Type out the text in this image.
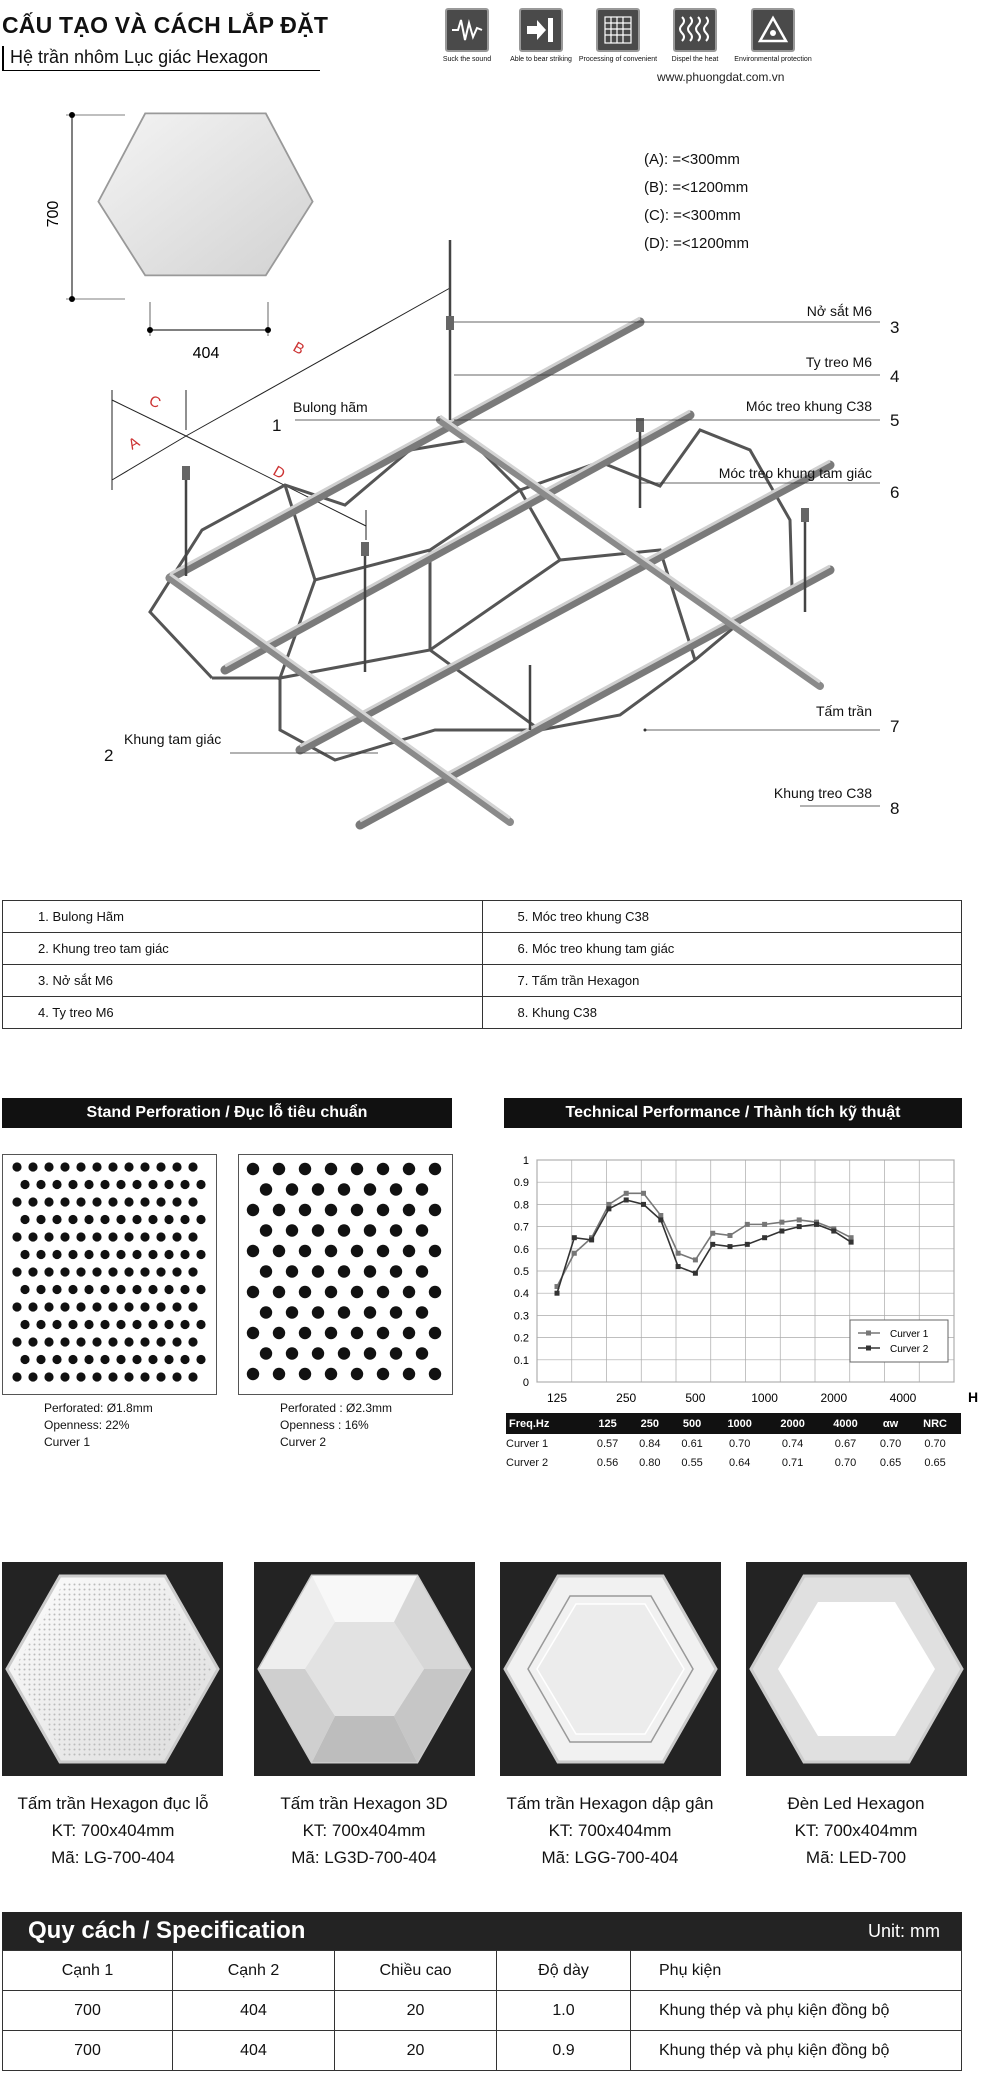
CẤU TẠO VÀ CÁCH LẮP ĐẶT
Hệ trần nhôm Lục giác Hexagon	Suck the sound	Able to bear striking Processing of convenient	Dispel the heat	Environmental protection
www.phuongdat.com.vn
700
404
A
B
C
D
(A): =<300mm
(B): =<1200mm
(C): =<300mm
(D): =<1200mm
Bulong hãm
1
Khung tam giác
2
Nở sắt M6
3
Ty treo M6
4
Móc treo khung C38
5
Móc treo khung tam giác
6
Tấm trần
7
Khung treo C38
8
1. Bulong Hãm	5. Móc treo khung C38
2. Khung treo tam giác	6. Móc treo khung tam giác
3. Nở sắt M6	7. Tấm trần Hexagon
4. Ty treo M6	8. Khung C38
Stand Perforation / Đục lỗ tiêu chuẩn
Perforated: Ø1.8mm
Openness: 22%
Curver 1
Perforated : Ø2.3mm
Openness : 16%
Curver 2
Technical Performance / Thành tích kỹ thuật
1
0.9
0.8
0.7
0.6
0.5
0.4
0.3
0.2
0.1
0
125	250	500	1000	2000	4000	H
Curver 1
Curver 2
Freq.Hz	125	250	500	1000	2000	4000	αw	NRC
Curver 1	0.57	0.84	0.61	0.70	0.74	0.67	0.70	0.70
Curver 2	0.56	0.80	0.55	0.64	0.71	0.70	0.65	0.65
Tấm trần Hexagon đục lỗ
KT: 700x404mm
Mã: LG-700-404
Tấm trần Hexagon 3D
KT: 700x404mm
Mã: LG3D-700-404
Tấm trần Hexagon dập gân
KT: 700x404mm
Mã: LGG-700-404
Đèn Led Hexagon
KT: 700x404mm
Mã: LED-700
Quy cách / Specification	Unit: mm
Cạnh 1	Cạnh 2	Chiều cao	Độ dày	Phụ kiện
700	404	20	1.0	Khung thép và phụ kiện đồng bộ
700	404	20	0.9	Khung thép và phụ kiện đồng bộ
